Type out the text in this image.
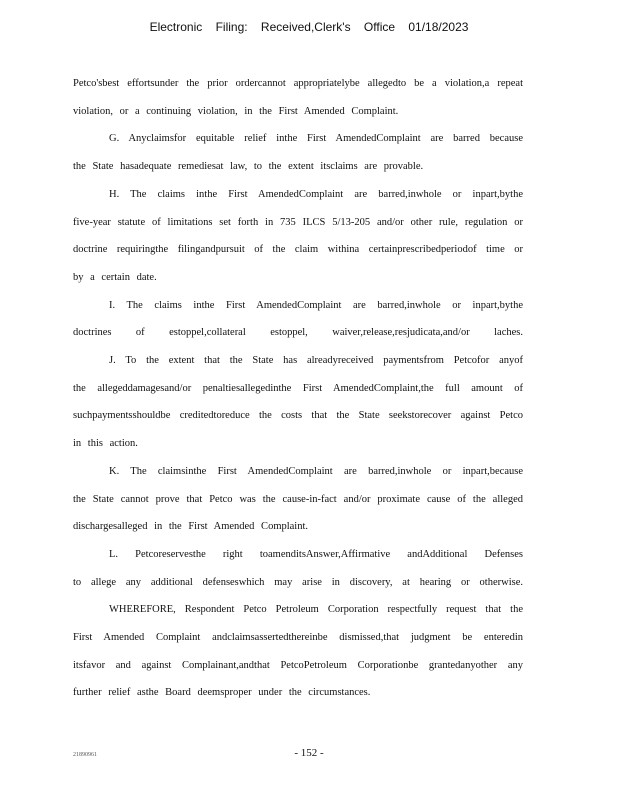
Electronic Filing: Received,Clerk's Office 01/18/2023
Petco'sbest effortsunder the prior ordercannot appropriatelybe allegedto be a violation,a repeat
violation, or a continuing violation, in the First Amended Complaint.
G. Anyclaimsfor equitable relief inthe First AmendedComplaint are barred because
the State hasadequate remediesat law, to the extent itsclaims are provable.
H. The claims inthe First AmendedComplaint are barred,inwhole or inpart,bythe
five-year statute of limitations set forth in 735 ILCS 5/13-205 and/or other rule, regulation or
doctrine requiringthe filingandpursuit of the claim withina certainprescribedperiodof time or
by a certain date.
I. The claims inthe First AmendedComplaint are barred,inwhole or inpart,bythe
doctrines of estoppel,collateral estoppel, waiver,release,resjudicata,and/or laches.
J. To the extent that the State has alreadyreceived paymentsfrom Petcofor anyof
the allegeddamagesand/or penaltiesallegedinthe First AmendedComplaint,the full amount of
suchpaymentsshouldbe creditedtoreduce the costs that the State seekstorecover against Petco
in this action.
K. The claimsinthe First AmendedComplaint are barred,inwhole or inpart,because
the State cannot prove that Petco was the cause-in-fact and/or proximate cause of the alleged
dischargesalleged in the First Amended Complaint.
L. Petcoreservesthe right toamenditsAnswer,Affirmative andAdditional Defenses
to allege any additional defenseswhich may arise in discovery, at hearing or otherwise.
WHEREFORE, Respondent Petco Petroleum Corporation respectfully request that the
First Amended Complaint andclaimsassertedthereinbe dismissed,that judgment be enteredin
itsfavor and against Complainant,andthat PetcoPetroleum Corporationbe grantedanyother any
further relief asthe Board deemsproper under the circumstances.
21890961	- 152 -
